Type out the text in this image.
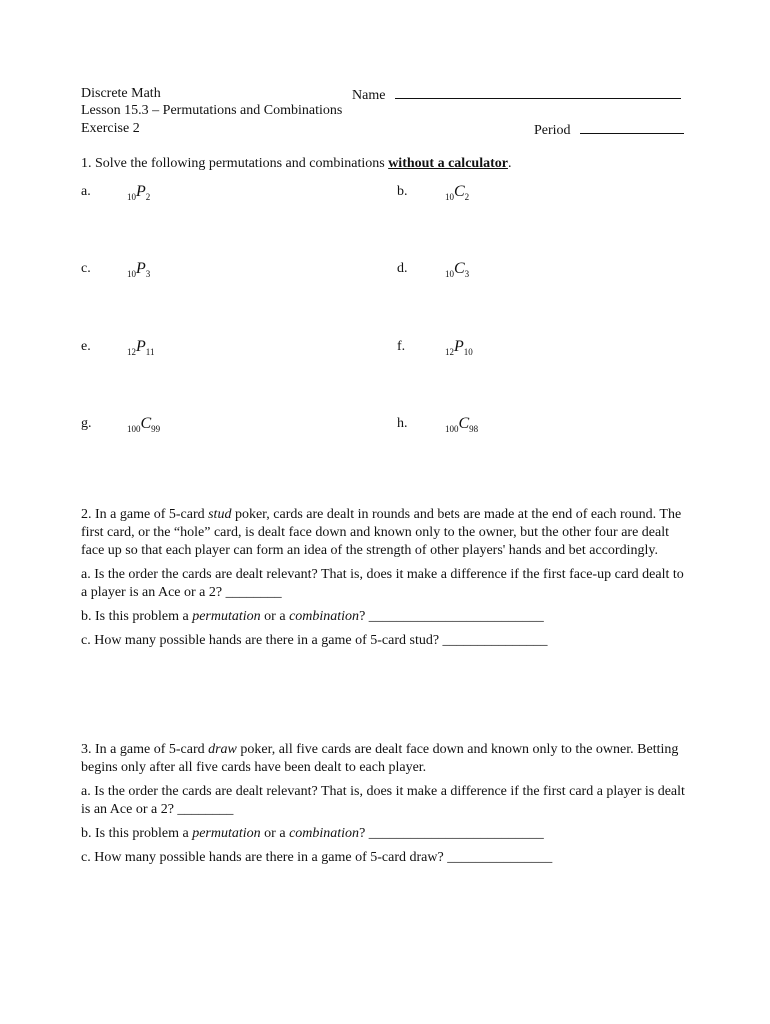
Discrete Math	Name
Lesson 15.3 – Permutations and Combinations
Exercise 2	Period
1. Solve the following permutations and combinations without a calculator.
a.	$_{10}P_2$	b.	$_{10}C_2$
c.	$_{10}P_3$	d.	$_{10}C_3$
e.	$_{12}P_{11}$	f.	$_{12}P_{10}$
g.	$_{100}C_{99}$	h.	$_{100}C_{98}$

2. In a game of 5-card stud poker, cards are dealt in rounds and bets are made at the end of each round. The first card, or the “hole” card, is dealt face down and known only to the owner, but the other four are dealt face up so that each player can form an idea of the strength of other players' hands and bet accordingly.

a. Is the order the cards are dealt relevant? That is, does it make a difference if the first face-up card dealt to a player is an Ace or a 2? ________

b. Is this problem a permutation or a combination? _________________________

c. How many possible hands are there in a game of 5-card stud? _______________

3. In a game of 5-card draw poker, all five cards are dealt face down and known only to the owner. Betting begins only after all five cards have been dealt to each player.

a. Is the order the cards are dealt relevant? That is, does it make a difference if the first card a player is dealt is an Ace or a 2? ________

b. Is this problem a permutation or a combination? _________________________

c. How many possible hands are there in a game of 5-card draw? _______________
